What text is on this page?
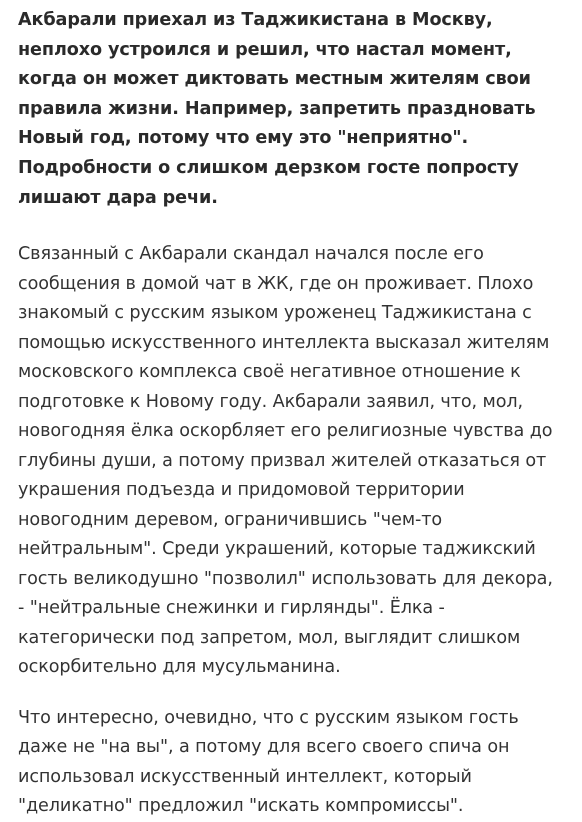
Акбарали приехал из Таджикистана в Москву, неплохо устроился и решил, что настал момент, когда он может диктовать местным жителям свои правила жизни. Например, запретить праздновать Новый год, потому что ему это "неприятно". Подробности о слишком дерзком госте попросту лишают дара речи.

Связанный с Акбарали скандал начался после его сообщения в домой чат в ЖК, где он проживает. Плохо знакомый с русским языком уроженец Таджикистана с помощью искусственного интеллекта высказал жителям московского комплекса своё негативное отношение к подготовке к Новому году. Акбарали заявил, что, мол, новогодняя ёлка оскорбляет его религиозные чувства до глубины души, а потому призвал жителей отказаться от украшения подъезда и придомовой территории новогодним деревом, ограничившись "чем-то нейтральным". Среди украшений, которые таджикский гость великодушно "позволил" использовать для декора, - "нейтральные снежинки и гирлянды". Ёлка - категорически под запретом, мол, выглядит слишком оскорбительно для мусульманина.

Что интересно, очевидно, что с русским языком гость даже не "на вы", а потому для всего своего спича он использовал искусственный интеллект, который "деликатно" предложил "искать компромиссы".
